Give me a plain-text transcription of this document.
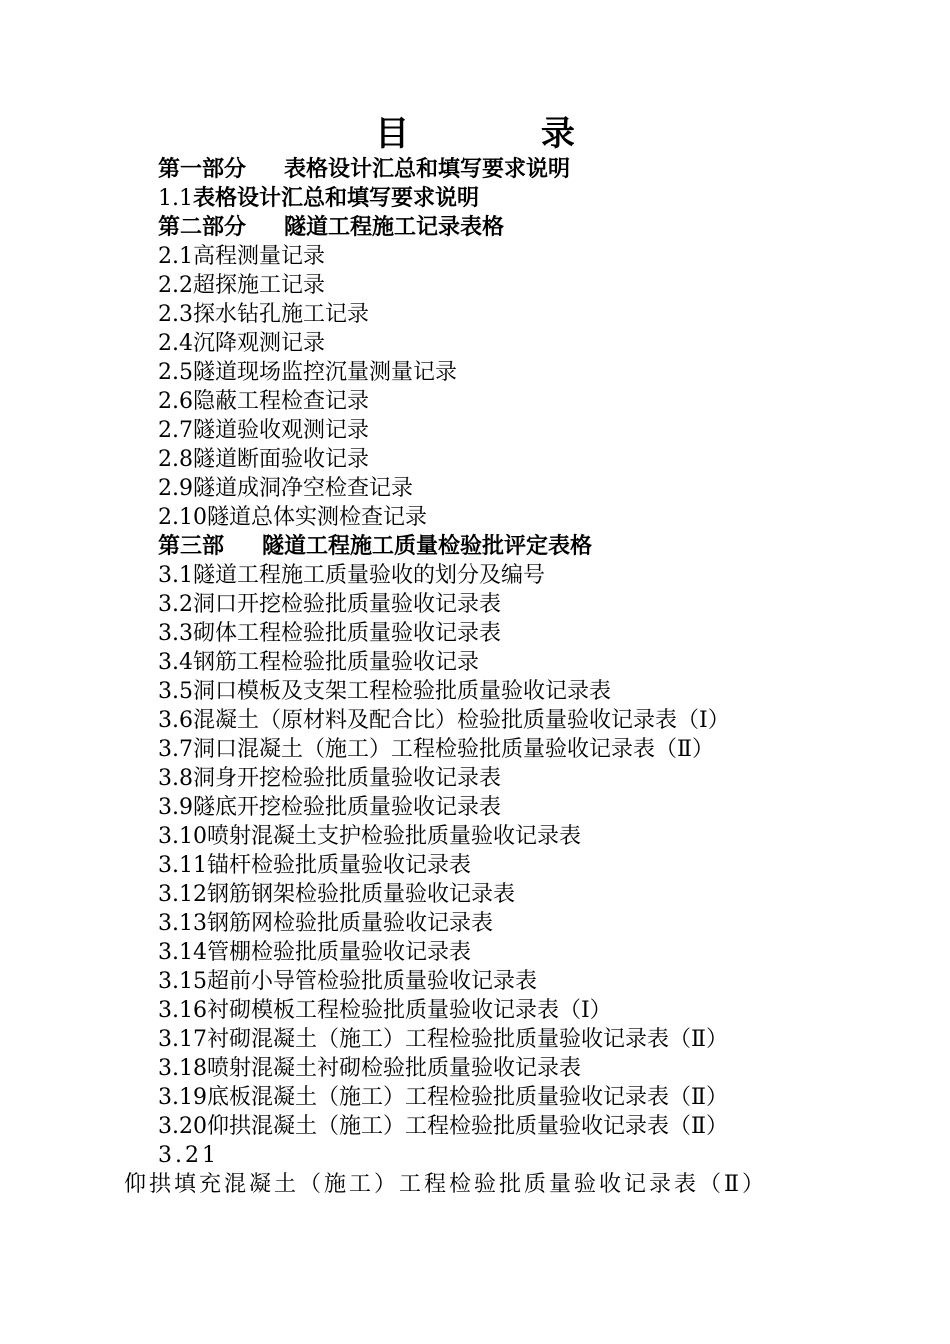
目 录
第一部分 表格设计汇总和填写要求说明
1.1表格设计汇总和填写要求说明
第二部分 隧道工程施工记录表格
2.1高程测量记录
2.2超探施工记录
2.3探水钻孔施工记录
2.4沉降观测记录
2.5隧道现场监控沉量测量记录
2.6隐蔽工程检查记录
2.7隧道验收观测记录
2.8隧道断面验收记录
2.9隧道成洞净空检查记录
2.10隧道总体实测检查记录
第三部 隧道工程施工质量检验批评定表格
3.1隧道工程施工质量验收的划分及编号
3.2洞口开挖检验批质量验收记录表
3.3砌体工程检验批质量验收记录表
3.4钢筋工程检验批质量验收记录
3.5洞口模板及支架工程检验批质量验收记录表
3.6混凝土（原材料及配合比）检验批质量验收记录表（Ⅰ）
3.7洞口混凝土（施工）工程检验批质量验收记录表（Ⅱ）
3.8洞身开挖检验批质量验收记录表
3.9隧底开挖检验批质量验收记录表
3.10喷射混凝土支护检验批质量验收记录表
3.11锚杆检验批质量验收记录表
3.12钢筋钢架检验批质量验收记录表
3.13钢筋网检验批质量验收记录表
3.14管棚检验批质量验收记录表
3.15超前小导管检验批质量验收记录表
3.16衬砌模板工程检验批质量验收记录表（Ⅰ）
3.17衬砌混凝土（施工）工程检验批质量验收记录表（Ⅱ）
3.18喷射混凝土衬砌检验批质量验收记录表
3.19底板混凝土（施工）工程检验批质量验收记录表（Ⅱ）
3.20仰拱混凝土（施工）工程检验批质量验收记录表（Ⅱ）
3.21仰拱填充混凝土（施工）工程检验批质量验收记录表（Ⅱ）
